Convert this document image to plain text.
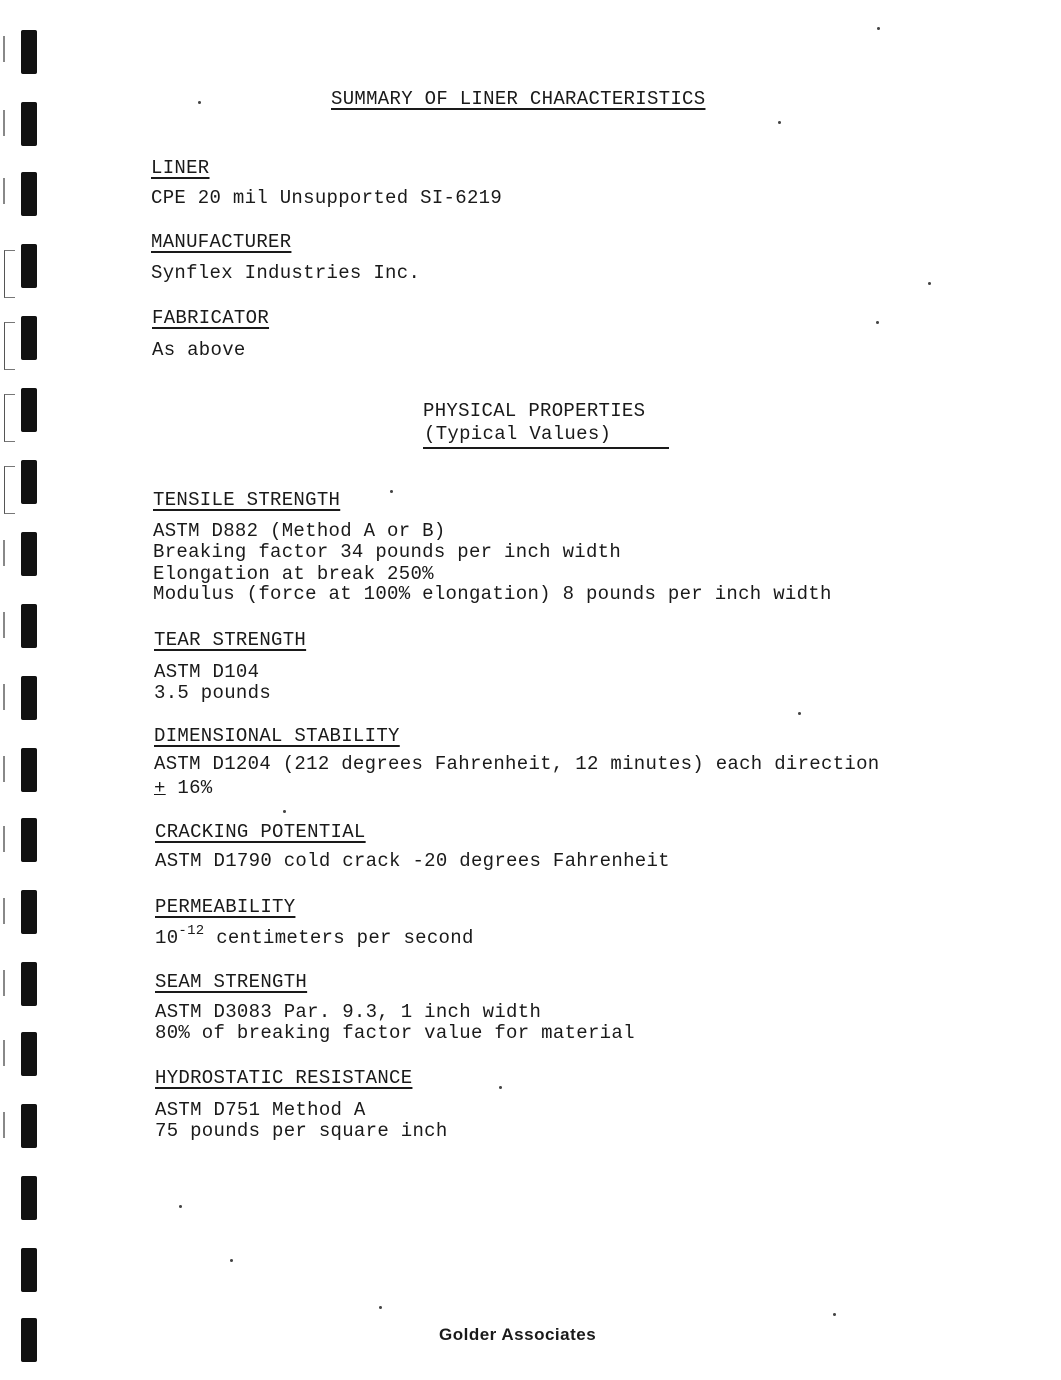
SUMMARY OF LINER CHARACTERISTICS
LINER
CPE 20 mil Unsupported SI-6219
MANUFACTURER
Synflex Industries Inc.
FABRICATOR
As above
PHYSICAL PROPERTIES
(Typical Values)
TENSILE STRENGTH
ASTM D882 (Method A or B)
Breaking factor 34 pounds per inch width
Elongation at break 250%
Modulus (force at 100% elongation) 8 pounds per inch width
TEAR STRENGTH
ASTM D104
3.5 pounds
DIMENSIONAL STABILITY
ASTM D1204 (212 degrees Fahrenheit, 12 minutes) each direction
+ 16%
CRACKING POTENTIAL
ASTM D1790 cold crack -20 degrees Fahrenheit
PERMEABILITY
$10^{-12}$ centimeters per second
SEAM STRENGTH
ASTM D3083 Par. 9.3, 1 inch width
80% of breaking factor value for material
HYDROSTATIC RESISTANCE
ASTM D751 Method A
75 pounds per square inch
Golder Associates
